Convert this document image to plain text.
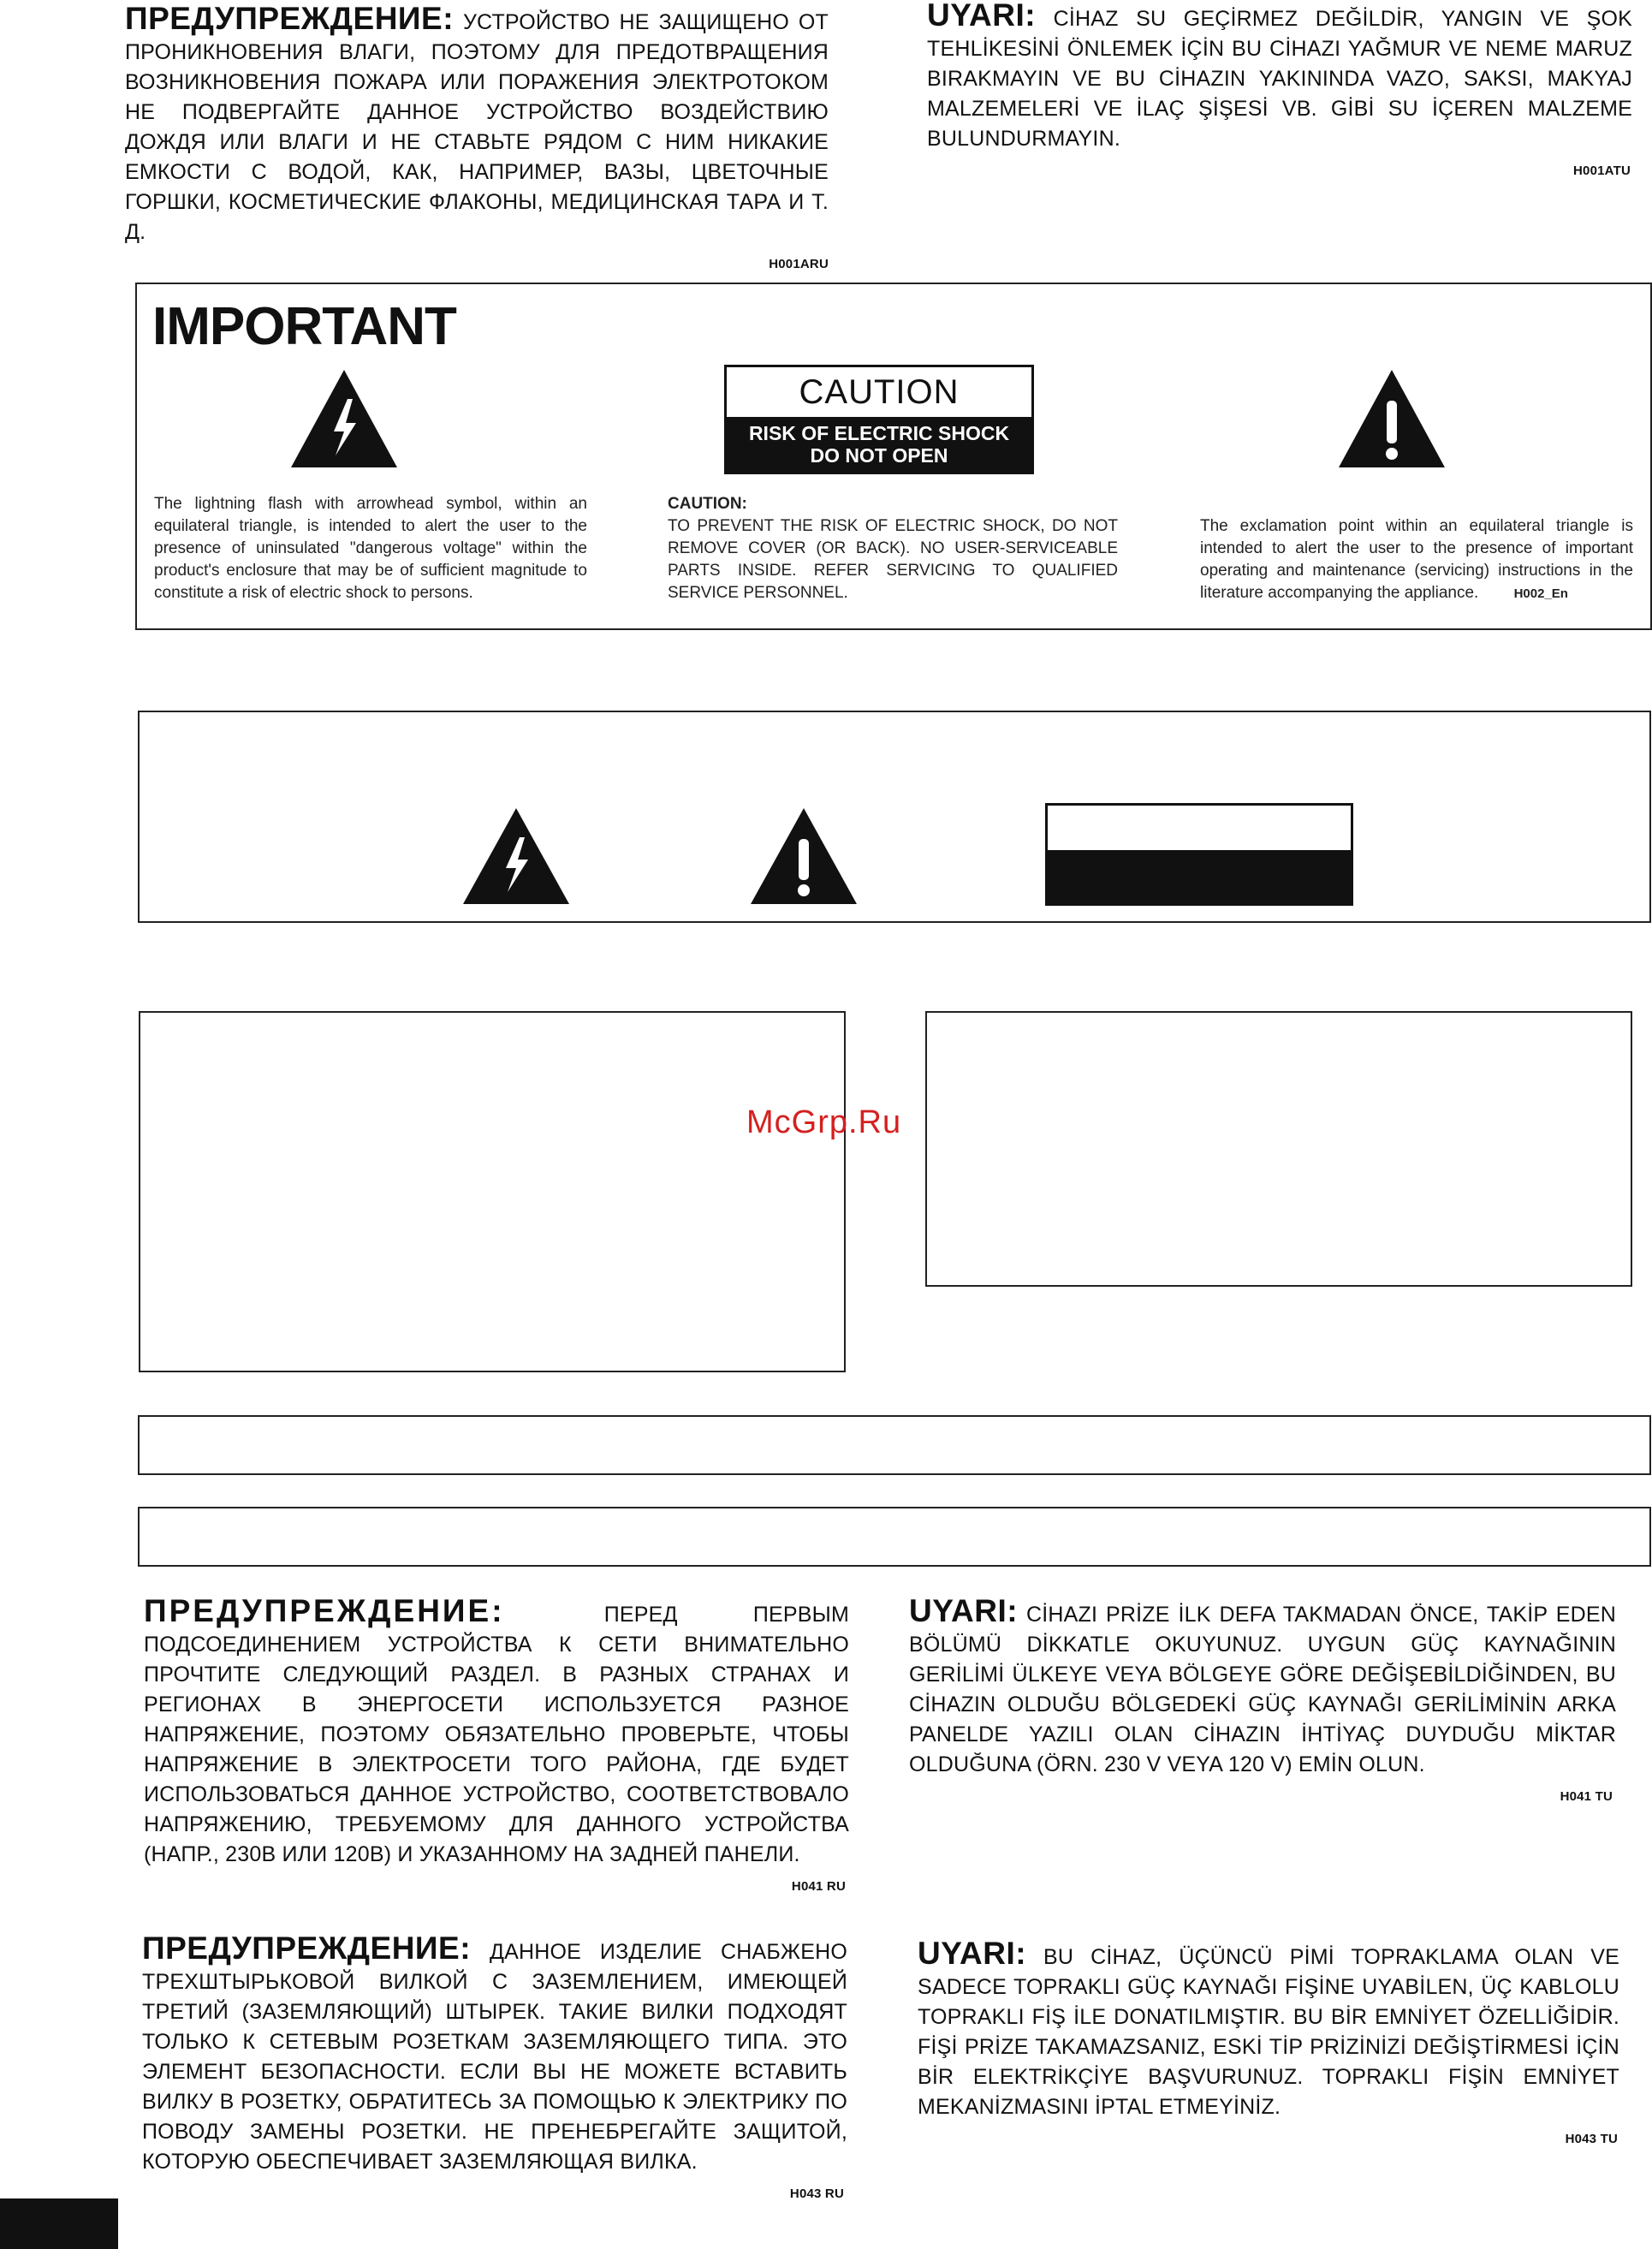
ПРЕДУПРЕЖДЕНИЕ: УСТРОЙСТВО НЕ ЗАЩИЩЕНО ОТ ПРОНИКНОВЕНИЯ ВЛАГИ, ПОЭТОМУ ДЛЯ ПРЕДОТВРАЩЕНИЯ ВОЗНИКНОВЕНИЯ ПОЖАРА ИЛИ ПОРАЖЕНИЯ ЭЛЕКТРОТОКОМ НЕ ПОДВЕРГАЙТЕ ДАННОЕ УСТРОЙСТВО ВОЗДЕЙСТВИЮ ДОЖДЯ ИЛИ ВЛАГИ И НЕ СТАВЬТЕ РЯДОМ С НИМ НИКАКИЕ ЕМКОСТИ С ВОДОЙ, КАК, НАПРИМЕР, ВАЗЫ, ЦВЕТОЧНЫЕ ГОРШКИ, КОСМЕТИЧЕСКИЕ ФЛАКОНЫ, МЕДИЦИНСКАЯ ТАРА И Т. Д.
H001ARU
UYARI: CİHAZ SU GEÇİRMEZ DEĞİLDİR, YANGIN VE ŞOK TEHLİKESİNİ ÖNLEMEK İÇİN BU CİHAZI YAĞMUR VE NEME MARUZ BIRAKMAYIN VE BU CİHAZIN YAKININDA VAZO, SAKSI, MAKYAJ MALZEMELERİ VE İLAÇ ŞİŞESİ VB. GİBİ SU İÇEREN MALZEME BULUNDURMAYIN.
H001ATU
IMPORTANT
CAUTION
RISK OF ELECTRIC SHOCK
DO NOT OPEN
The lightning flash with arrowhead symbol, within an equilateral triangle, is intended to alert the user to the presence of uninsulated "dangerous voltage" within the product's enclosure that may be of sufficient magnitude to constitute a risk of electric shock to persons.
CAUTION:
TO PREVENT THE RISK OF ELECTRIC SHOCK, DO NOT REMOVE COVER (OR BACK). NO USER-SERVICEABLE PARTS INSIDE. REFER SERVICING TO QUALIFIED SERVICE PERSONNEL.
The exclamation point within an equilateral triangle is intended to alert the user to the presence of important operating and maintenance (servicing) instructions in the literature accompanying the appliance.	H002_En
McGrp.Ru
ПРЕДУПРЕЖДЕНИЕ:	ПЕРЕД ПЕРВЫМ ПОДСОЕДИНЕНИЕМ УСТРОЙСТВА К СЕТИ ВНИМАТЕЛЬНО ПРОЧТИТЕ СЛЕДУЮЩИЙ РАЗДЕЛ. В РАЗНЫХ СТРАНАХ И РЕГИОНАХ В ЭНЕРГОСЕТИ ИСПОЛЬЗУЕТСЯ РАЗНОЕ НАПРЯЖЕНИЕ, ПОЭТОМУ ОБЯЗАТЕЛЬНО ПРОВЕРЬТЕ, ЧТОБЫ НАПРЯЖЕНИЕ В ЭЛЕКТРОСЕТИ ТОГО РАЙОНА, ГДЕ БУДЕТ ИСПОЛЬЗОВАТЬСЯ ДАННОЕ УСТРОЙСТВО, СООТВЕТСТВОВАЛО НАПРЯЖЕНИЮ, ТРЕБУЕМОМУ ДЛЯ ДАННОГО УСТРОЙСТВА (НАПР., 230В ИЛИ 120В) И УКАЗАННОМУ НА ЗАДНЕЙ ПАНЕЛИ.
H041 RU
UYARI: CİHAZI PRİZE İLK DEFA TAKMADAN ÖNCE, TAKİP EDEN BÖLÜMÜ DİKKATLE OKUYUNUZ. UYGUN GÜÇ KAYNAĞININ GERİLİMİ ÜLKEYE VEYA BÖLGEYE GÖRE DEĞİŞEBİLDİĞİNDEN, BU CİHAZIN OLDUĞU BÖLGEDEKİ GÜÇ KAYNAĞI GERİLİMİNİN ARKA PANELDE YAZILI OLAN CİHAZIN İHTİYAÇ DUYDUĞU MİKTAR OLDUĞUNA (ÖRN. 230 V VEYA 120 V) EMİN OLUN.
H041 TU
ПРЕДУПРЕЖДЕНИЕ: ДАННОЕ ИЗДЕЛИЕ СНАБЖЕНО ТРЕХШТЫРЬКОВОЙ ВИЛКОЙ С ЗАЗЕМЛЕНИЕМ, ИМЕЮЩЕЙ ТРЕТИЙ (ЗАЗЕМЛЯЮЩИЙ) ШТЫРЕК. ТАКИЕ ВИЛКИ ПОДХОДЯТ ТОЛЬКО К СЕТЕВЫМ РОЗЕТКАМ ЗАЗЕМЛЯЮЩЕГО ТИПА. ЭТО ЭЛЕМЕНТ БЕЗОПАСНОСТИ. ЕСЛИ ВЫ НЕ МОЖЕТЕ ВСТАВИТЬ ВИЛКУ В РОЗЕТКУ, ОБРАТИТЕСЬ ЗА ПОМОЩЬЮ К ЭЛЕКТРИКУ ПО ПОВОДУ ЗАМЕНЫ РОЗЕТКИ. НЕ ПРЕНЕБРЕГАЙТЕ ЗАЩИТОЙ, КОТОРУЮ ОБЕСПЕЧИВАЕТ ЗАЗЕМЛЯЮЩАЯ ВИЛКА.
H043 RU
UYARI: BU CİHAZ, ÜÇÜNCÜ PİMİ TOPRAKLAMA OLAN VE SADECE TOPRAKLI GÜÇ KAYNAĞI FİŞİNE UYABİLEN, ÜÇ KABLOLU TOPRAKLI FİŞ İLE DONATILMIŞTIR. BU BİR EMNİYET ÖZELLİĞİDİR. FİŞİ PRİZE TAKAMAZSANIZ, ESKİ TİP PRİZİNİZİ DEĞİŞTİRMESİ İÇİN BİR ELEKTRİKÇİYE BAŞVURUNUZ. TOPRAKLI FİŞİN EMNİYET MEKANİZMASINI İPTAL ETMEYİNİZ.
H043 TU
